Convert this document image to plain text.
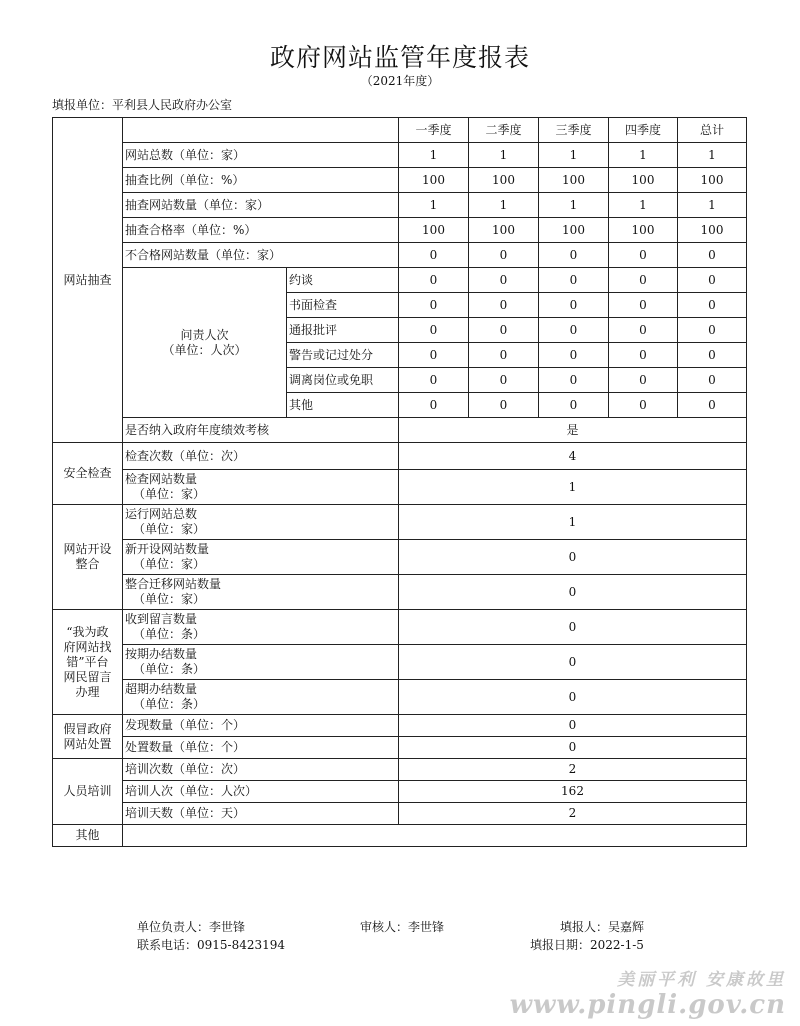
政府网站监管年度报表
（2021年度）
填报单位：平利县人民政府办公室
网站抽查			一季度	二季度	三季度	四季度	总计
	网站总数（单位：家）		1	1	1	1	1
	抽查比例（单位：%）		100	100	100	100	100
	抽查网站数量（单位：家）		1	1	1	1	1
	抽查合格率（单位：%）		100	100	100	100	100
	不合格网站数量（单位：家）		0	0	0	0	0
	问责人次
（单位：人次）	约谈	0	0	0	0	0
		书面检查	0	0	0	0	0
		通报批评	0	0	0	0	0
		警告或记过处分	0	0	0	0	0
		调离岗位或免职	0	0	0	0	0
		其他	0	0	0	0	0
	是否纳入政府年度绩效考核		是				
安全检查	检查次数（单位：次）		4				
	检查网站数量

（单位：家）		1				
网站开设
整合	运行网站总数

（单位：家）		1				
	新开设网站数量

（单位：家）		0				
	整合迁移网站数量

（单位：家）		0				
“我为政
府网站找
错”平台
网民留言
办理	收到留言数量

（单位：条）		0				
	按期办结数量

（单位：条）		0				
	超期办结数量

（单位：条）		0				
假冒政府
网站处置	发现数量（单位：个）		0				
	处置数量（单位：个）		0				
人员培训	培训次数（单位：次）		2				
	培训人次（单位：人次）		162				
	培训天数（单位：天）		2				
其他							
单位负责人：李世锋	审核人：李世锋	填报人：吴嘉辉
联系电话：0915-8423194	填报日期：2022-1-5
美丽平利 安康故里
www.pingli.gov.cn
